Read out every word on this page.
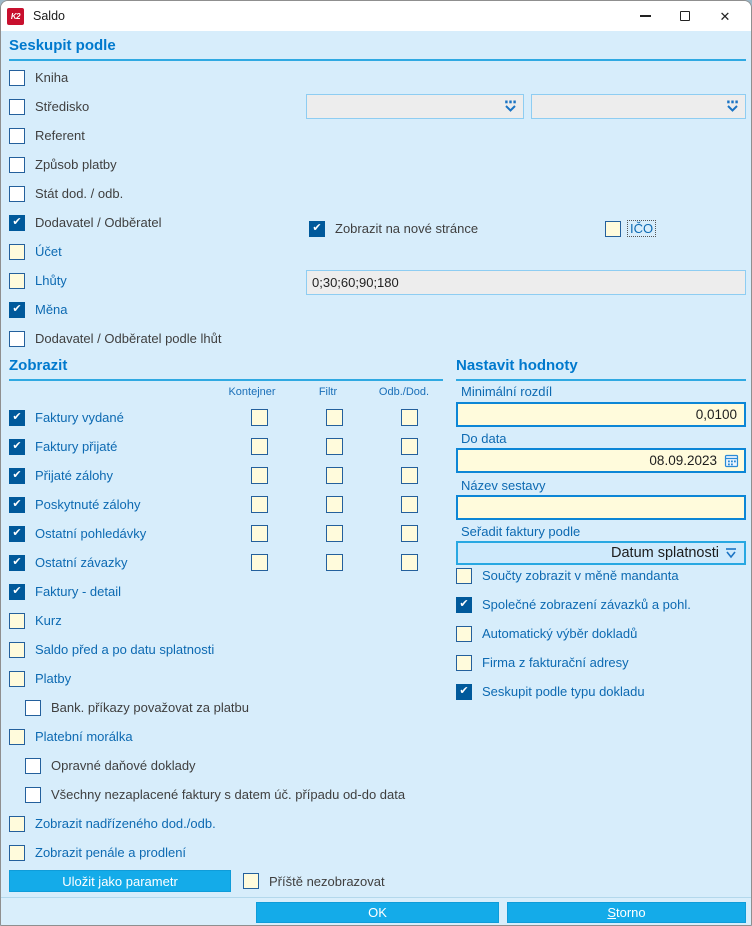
K2	Saldo	✕
Seskupit podle
Kniha
Středisko
Referent
Způsob platby
Stát dod. / odb.
✔
Dodavatel / Odběratel
Účet
Lhůty
✔
Měna
Dodavatel / Odběratel podle lhůt
✔
Zobrazit na nové stránce	IČO
0;30;60;90;180
Zobrazit
Kontejner	Filtr	Odb./Dod.
✔
Faktury vydané
✔
Faktury přijaté
✔
Přijaté zálohy
✔
Poskytnuté zálohy
✔
Ostatní pohledávky
✔
Ostatní závazky
✔
Faktury - detail
Kurz
Saldo před a po datu splatnosti
Platby
Bank. příkazy považovat za platbu
Platební morálka
Opravné daňové doklady
Všechny nezaplacené faktury s datem úč. případu od-do data
Zobrazit nadřízeného dod./odb.
Zobrazit penále a prodlení
Nastavit hodnoty
Minimální rozdíl
0,0100
Do data
08.09.2023
Název sestavy
Seřadit faktury podle
Datum splatnosti
Součty zobrazit v měně mandanta
✔
Společné zobrazení závazků a pohl.
Automatický výběr dokladů
Firma z fakturační adresy
✔
Seskupit podle typu dokladu
Uložit jako parametr	Příště nezobrazovat
OK	S torno
